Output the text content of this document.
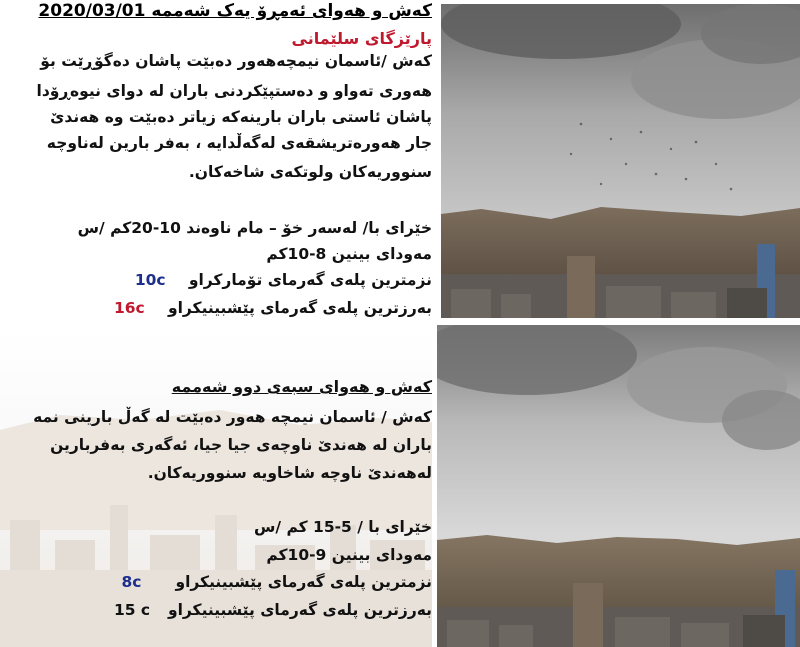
کەش و هەوای ئەمڕۆ یەک شەممە 2020/03/01
پارێزگای سلێمانی
کەش /ئاسمان نیمچەهەور دەبێت پاشان دەگۆڕێت بۆ
هەوری تەواو و دەستپێکردنی باران لە دوای نیوەڕۆدا
پاشان ئاستی باران بارینەکە زیاتر دەبێت وە هەندێ
جار هەورەتریشقەی لەگەڵدایە ، بەفر بارین لەناوچە
سنووریەکان ولوتکەی شاخەکان.
خێرای با/ لەسەر خۆ – مام ناوەند 10-20کم /س
مەودای بینین 8-10کم
نزمترین پلەی گەرمای تۆمارکراو
10c
بەرزترین پلەی گەرمای پێشبینیکراو
16c
کەش و هەوای سبەی دوو شەممە
کەش / ئاسمان نیمچە هەور دەبێت لە گەڵ بارینی نمە
باران لە هەندێ ناوچەی جیا جیا، ئەگەری بەفربارین
لەهەندێ ناوچە شاخاویە سنووریەکان.
خێرای با / 5-15 کم /س
مەودای بینین 9-10کم
نزمترین پلەی گەرمای پێشبینیکراو
8c
بەرزترین پلەی گەرمای پێشبینیکراو
15 c
